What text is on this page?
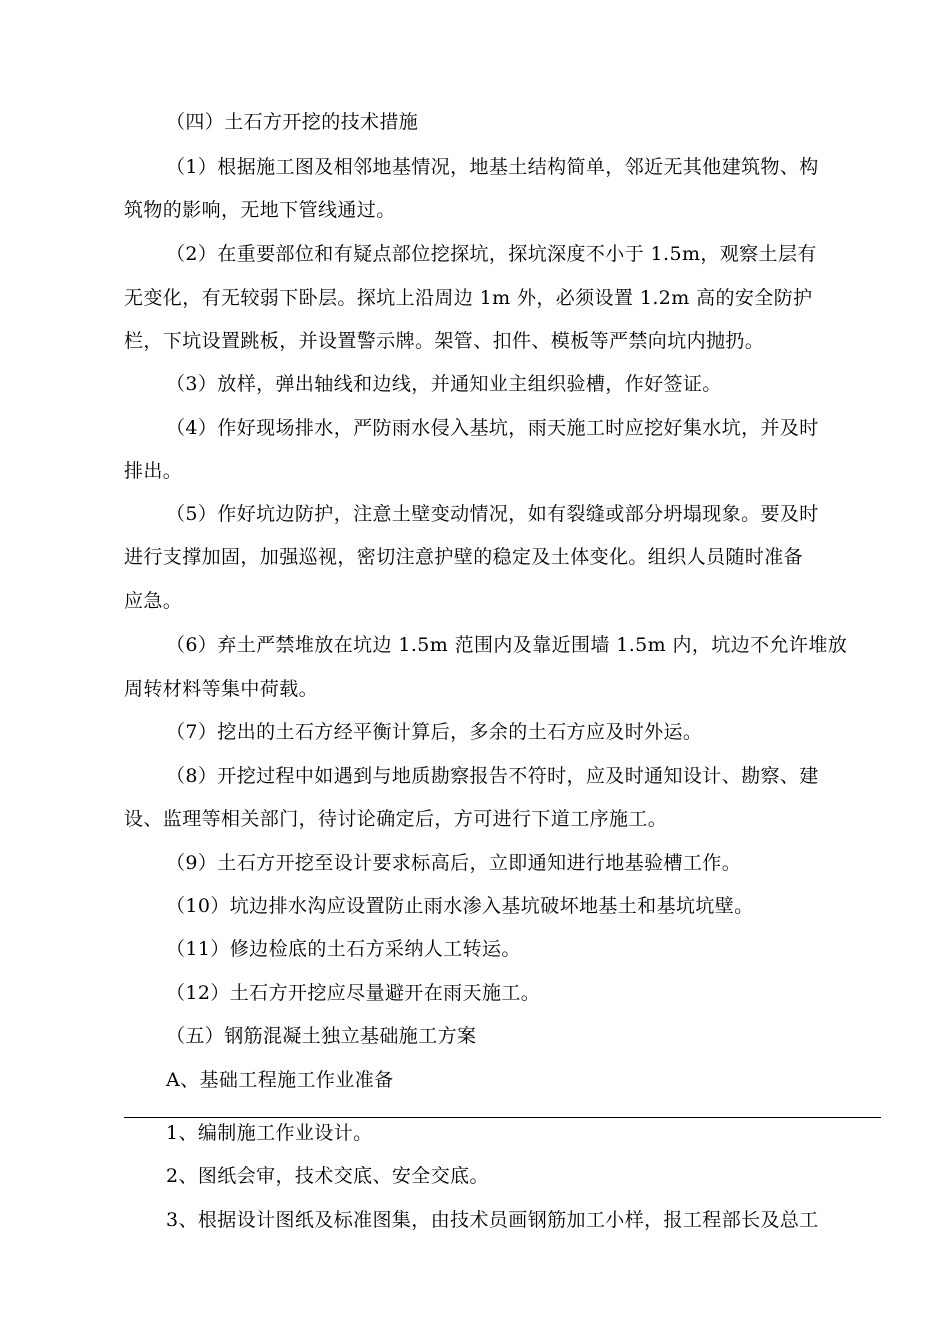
（四）土石方开挖的技术措施
（1）根据施工图及相邻地基情况，地基土结构简单，邻近无其他建筑物、构
筑物的影响，无地下管线通过。
（2）在重要部位和有疑点部位挖探坑，探坑深度不小于 1.5m，观察土层有
无变化，有无较弱下卧层。探坑上沿周边 1m 外，必须设置 1.2m 高的安全防护
栏，下坑设置跳板，并设置警示牌。架管、扣件、模板等严禁向坑内抛扔。
（3）放样，弹出轴线和边线，并通知业主组织验槽，作好签证。
（4）作好现场排水，严防雨水侵入基坑，雨天施工时应挖好集水坑，并及时
排出。
（5）作好坑边防护，注意土壁变动情况，如有裂缝或部分坍塌现象。要及时
进行支撑加固，加强巡视，密切注意护壁的稳定及土体变化。组织人员随时准备
应急。
（6）弃土严禁堆放在坑边 1.5m 范围内及靠近围墙 1.5m 内，坑边不允许堆放
周转材料等集中荷载。
（7）挖出的土石方经平衡计算后，多余的土石方应及时外运。
（8）开挖过程中如遇到与地质勘察报告不符时，应及时通知设计、勘察、建
设、监理等相关部门，待讨论确定后，方可进行下道工序施工。
（9）土石方开挖至设计要求标高后，立即通知进行地基验槽工作。
（10）坑边排水沟应设置防止雨水渗入基坑破坏地基土和基坑坑壁。
（11）修边检底的土石方采纳人工转运。
（12）土石方开挖应尽量避开在雨天施工。
（五）钢筋混凝土独立基础施工方案
A、基础工程施工作业准备
1、编制施工作业设计。
2、图纸会审，技术交底、安全交底。
3、根据设计图纸及标准图集，由技术员画钢筋加工小样，报工程部长及总工
